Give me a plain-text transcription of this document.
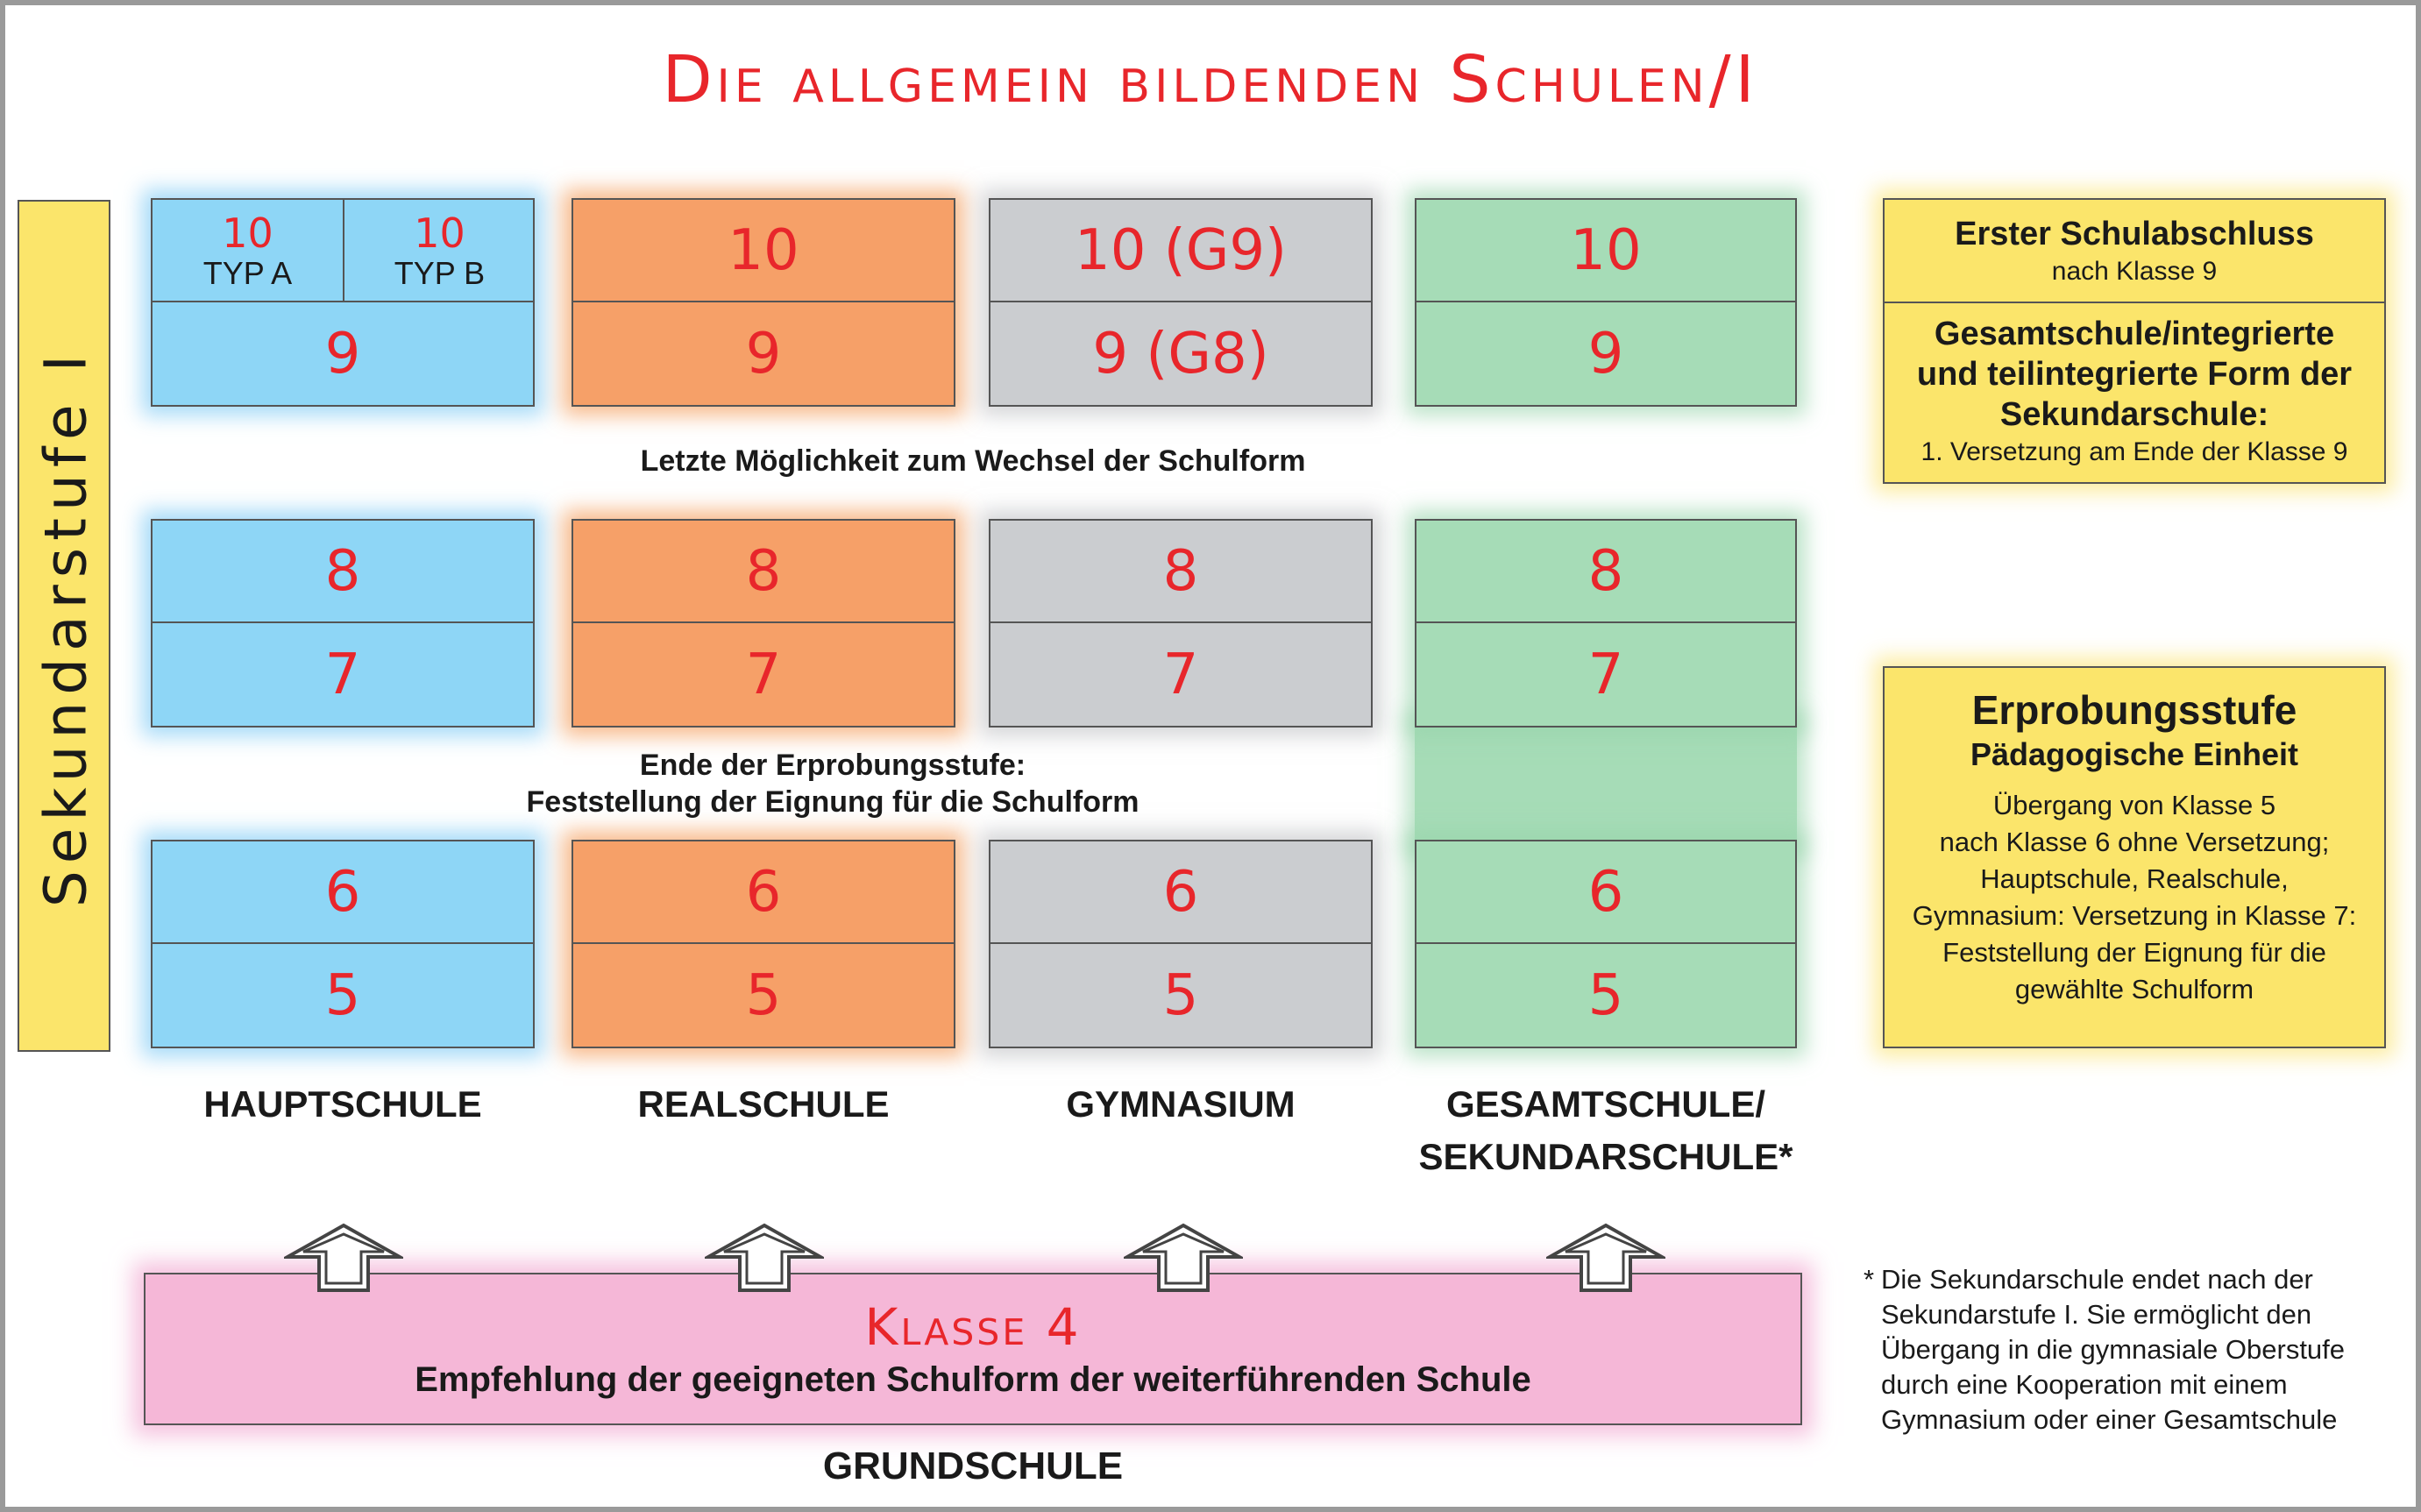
Die allgemein bildenden Schulen/I
Sekundarstufe I
10
TYP A
10
TYP B
9
8
7
6
5
10
9
8
7
6
5
10 (G9)
9 (G8)
8
7
6
5
10
9
8
7
6
5
Letzte Möglichkeit zum Wechsel der Schulform
Ende der Erprobungsstufe:
Feststellung der Eignung für die Schulform
HAUPTSCHULE	REALSCHULE	GYMNASIUM	GESAMTSCHULE/
SEKUNDARSCHULE*
Erster Schulabschluss
nach Klasse 9
Gesamtschule/integrierte
und teilintegrierte Form der
Sekundarschule:
1. Versetzung am Ende der Klasse 9
Erprobungsstufe
Pädagogische Einheit
Übergang von Klasse 5
nach Klasse 6 ohne Versetzung;
Hauptschule, Realschule,
Gymnasium: Versetzung in Klasse 7:
Feststellung der Eignung für die
gewählte Schulform
Klasse 4
Empfehlung der geeigneten Schulform der weiterführenden Schule
GRUNDSCHULE
* Die Sekundarschule endet nach der
Sekundarstufe I. Sie ermöglicht den
Übergang in die gymnasiale Oberstufe
durch eine Kooperation mit einem
Gymnasium oder einer Gesamtschule
